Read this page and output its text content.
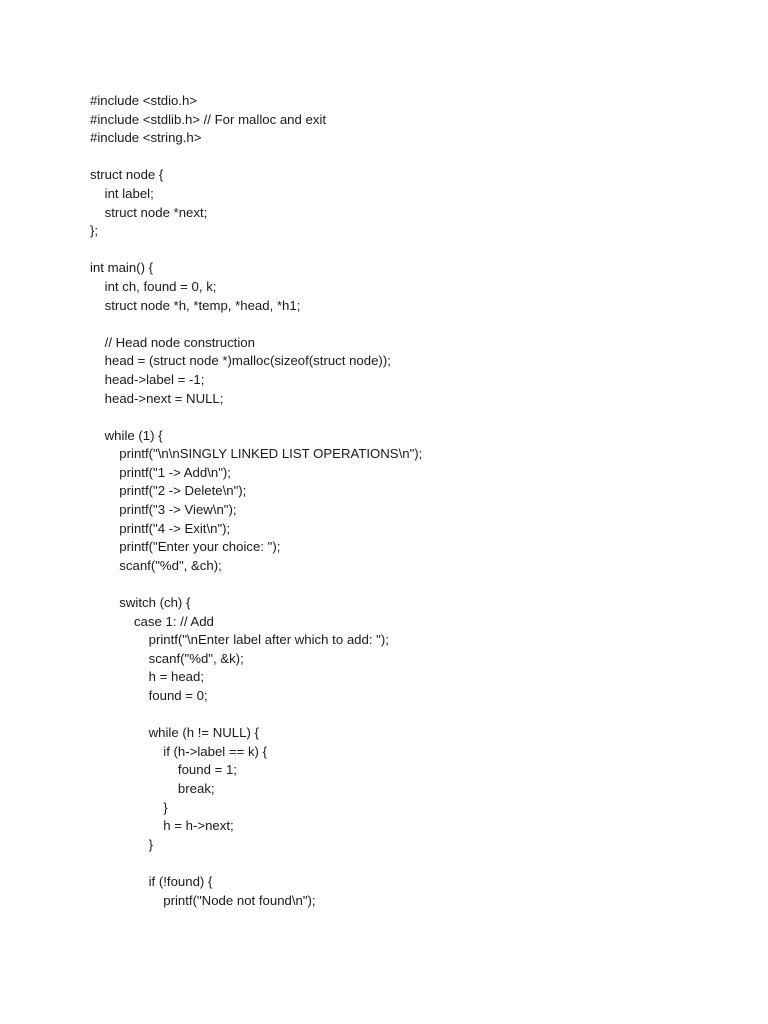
#include <stdio.h>
#include <stdlib.h> // For malloc and exit
#include <string.h>
struct node {
int label;
struct node *next;
};
int main() {
int ch, found = 0, k;
struct node *h, *temp, *head, *h1;
// Head node construction
head = (struct node *)malloc(sizeof(struct node));
head->label = -1;
head->next = NULL;
while (1) {
printf("\n\nSINGLY LINKED LIST OPERATIONS\n");
printf("1 -> Add\n");
printf("2 -> Delete\n");
printf("3 -> View\n");
printf("4 -> Exit\n");
printf("Enter your choice: ");
scanf("%d", &ch);
switch (ch) {
case 1: // Add
printf("\nEnter label after which to add: ");
scanf("%d", &k);
h = head;
found = 0;
while (h != NULL) {
if (h->label == k) {
found = 1;
break;
}
h = h->next;
}
if (!found) {
printf("Node not found\n");
